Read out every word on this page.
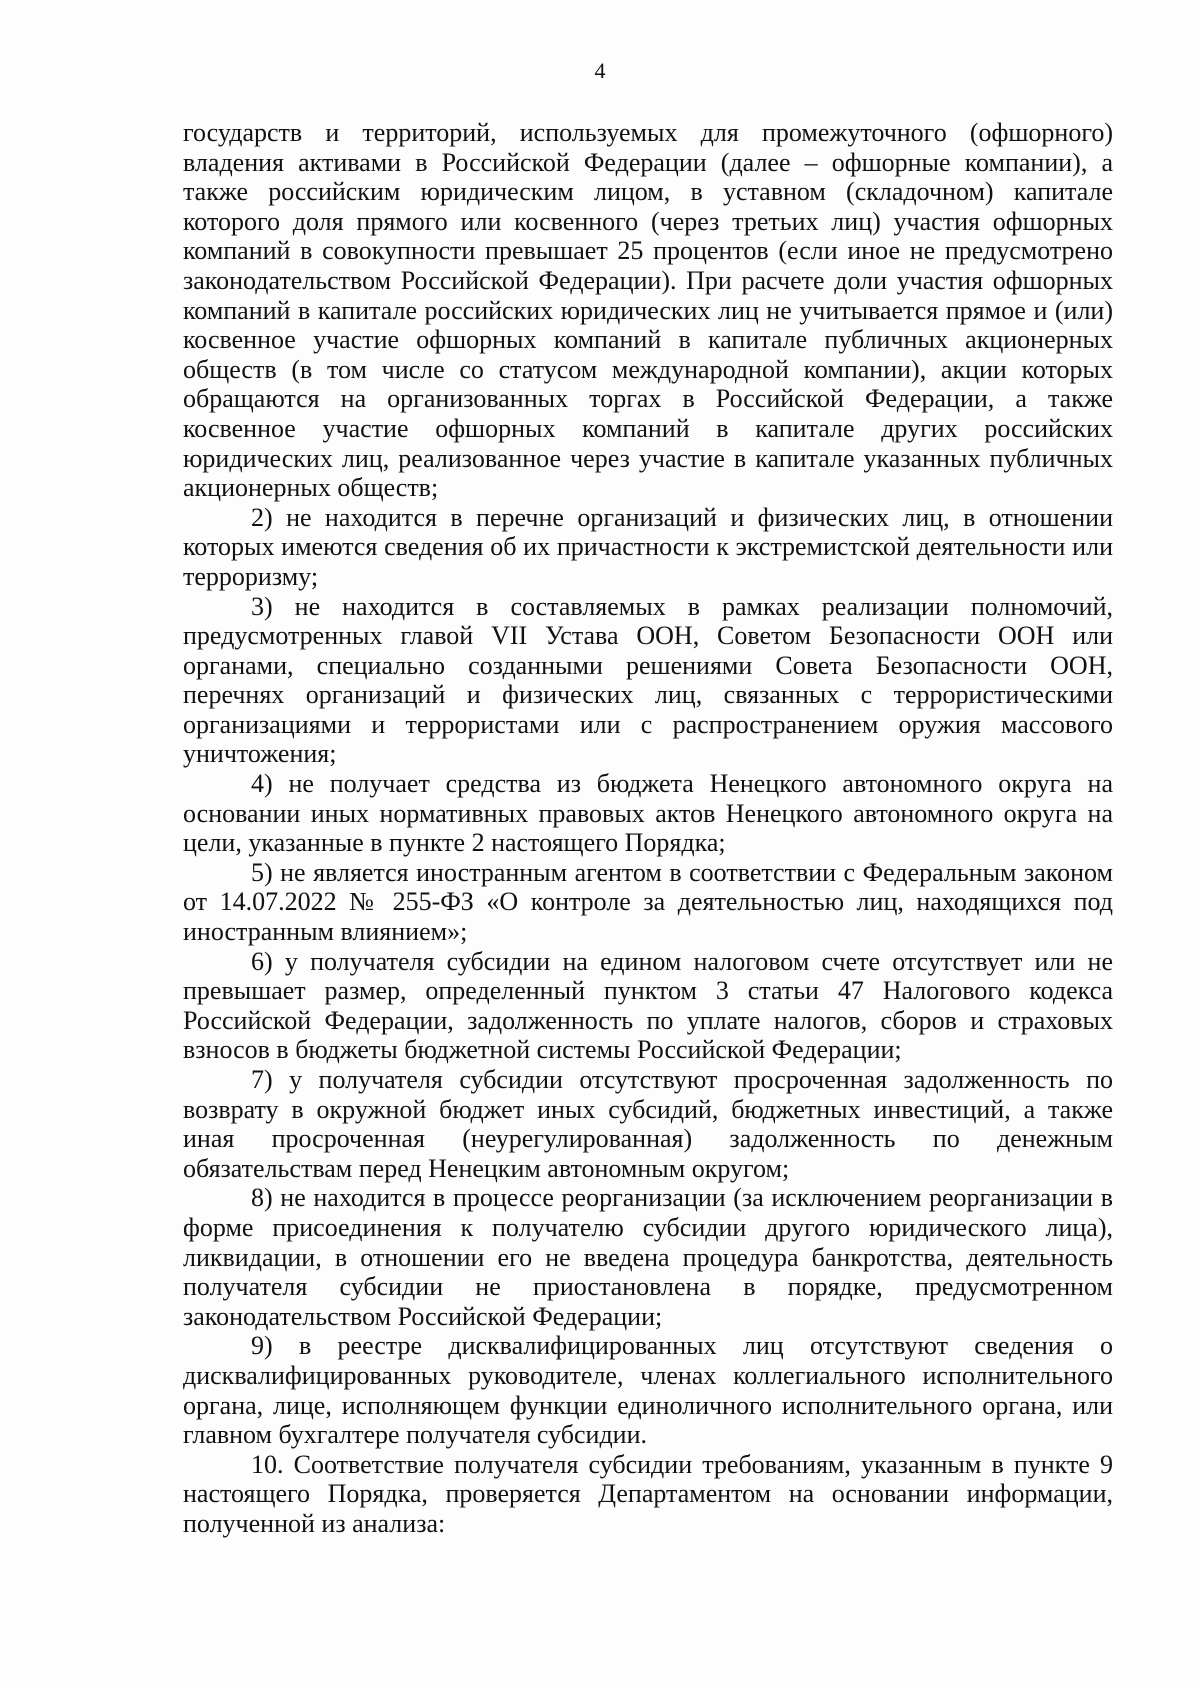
4

государств и территорий, используемых для промежуточного (офшорного) владения активами в Российской Федерации (далее – офшорные компании), а также российским юридическим лицом, в уставном (складочном) капитале которого доля прямого или косвенного (через третьих лиц) участия офшорных компаний в совокупности превышает 25 процентов (если иное не предусмотрено законодательством Российской Федерации). При расчете доли участия офшорных компаний в капитале российских юридических лиц не учитывается прямое и (или) косвенное участие офшорных компаний в капитале публичных акционерных обществ (в том числе со статусом международной компании), акции которых обращаются на организованных торгах в Российской Федерации, а также косвенное участие офшорных компаний в капитале других российских юридических лиц, реализованное через участие в капитале указанных публичных акционерных обществ;

2) не находится в перечне организаций и физических лиц, в отношении которых имеются сведения об их причастности к экстремистской деятельности или терроризму;

3) не находится в составляемых в рамках реализации полномочий, предусмотренных главой VII Устава ООН, Советом Безопасности ООН или органами, специально созданными решениями Совета Безопасности ООН, перечнях организаций и физических лиц, связанных с террористическими организациями и террористами или с распространением оружия массового уничтожения;

4) не получает средства из бюджета Ненецкого автономного округа на основании иных нормативных правовых актов Ненецкого автономного округа на цели, указанные в пункте 2 настоящего Порядка;

5) не является иностранным агентом в соответствии с Федеральным законом от 14.07.2022 № 255-ФЗ «О контроле за деятельностью лиц, находящихся под иностранным влиянием»;

6) у получателя субсидии на едином налоговом счете отсутствует или не превышает размер, определенный пунктом 3 статьи 47 Налогового кодекса Российской Федерации, задолженность по уплате налогов, сборов и страховых взносов в бюджеты бюджетной системы Российской Федерации;

7) у получателя субсидии отсутствуют просроченная задолженность по возврату в окружной бюджет иных субсидий, бюджетных инвестиций, а также иная просроченная (неурегулированная) задолженность по денежным обязательствам перед Ненецким автономным округом;

8) не находится в процессе реорганизации (за исключением реорганизации в форме присоединения к получателю субсидии другого юридического лица), ликвидации, в отношении его не введена процедура банкротства, деятельность получателя субсидии не приостановлена в порядке, предусмотренном законодательством Российской Федерации;

9) в реестре дисквалифицированных лиц отсутствуют сведения о дисквалифицированных руководителе, членах коллегиального исполнительного органа, лице, исполняющем функции единоличного исполнительного органа, или главном бухгалтере получателя субсидии.

10. Соответствие получателя субсидии требованиям, указанным в пункте 9 настоящего Порядка, проверяется Департаментом на основании информации, полученной из анализа:
